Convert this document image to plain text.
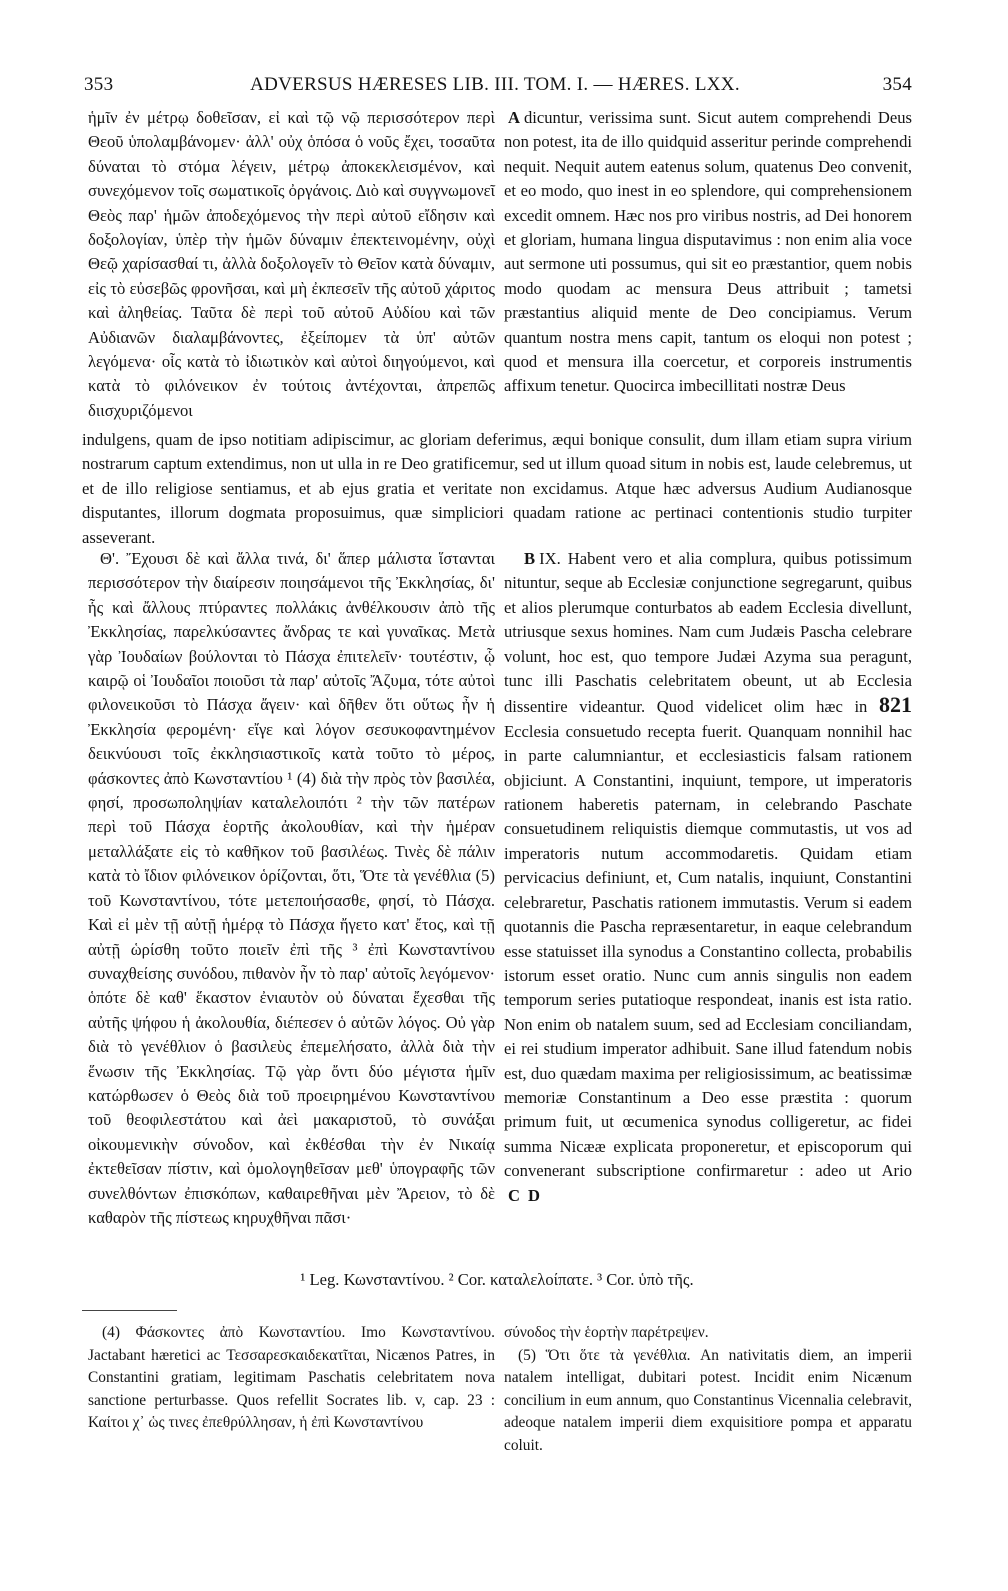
353	ADVERSUS HÆRESES LIB. III. TOM. I. — HÆRES. LXX.	354

ἡμῖν ἐν μέτρῳ δοθεῖσαν, εἰ καὶ τῷ νῷ περισσότερον περὶ Θεοῦ ὑπολαμβάνομεν· ἀλλ' οὐχ ὁπόσα ὁ νοῦς ἔχει, τοσαῦτα δύναται τὸ στόμα λέγειν, μέτρῳ ἀποκεκλεισμένον, καὶ συνεχόμενον τοῖς σωματικοῖς ὀργάνοις. Διὸ καὶ συγγνωμονεῖ Θεὸς παρ' ἡμῶν ἀποδεχόμενος τὴν περὶ αὐτοῦ εἴδησιν καὶ δοξολογίαν, ὑπὲρ τὴν ἡμῶν δύναμιν ἐπεκτεινομένην, οὐχὶ Θεῷ χαρίσασθαί τι, ἀλλὰ δοξολογεῖν τὸ Θεῖον κατὰ δύναμιν, εἰς τὸ εὐσεβῶς φρονῆσαι, καὶ μὴ ἐκπεσεῖν τῆς αὐτοῦ χάριτος καὶ ἀληθείας. Ταῦτα δὲ περὶ τοῦ αὐτοῦ Αὐδίου καὶ τῶν Αὐδιανῶν διαλαμβάνοντες, ἐξείπομεν τὰ ὑπ' αὐτῶν λεγόμενα· οἷς κατὰ τὸ ἰδιωτικὸν καὶ αὐτοὶ διηγούμενοι, καὶ κατὰ τὸ φιλόνεικον ἐν τούτοις ἀντέχονται, ἀπρεπῶς διισχυριζόμενοι

A dicuntur, verissima sunt. Sicut autem comprehendi Deus non potest, ita de illo quidquid asseritur perinde comprehendi nequit. Nequit autem eatenus solum, quatenus Deo convenit, et eo modo, quo inest in eo splendore, qui comprehensionem excedit omnem. Hæc nos pro viribus nostris, ad Dei honorem et gloriam, humana lingua disputavimus : non enim alia voce aut sermone uti possumus, qui sit eo præstantior, quem nobis modo quodam ac mensura Deus attribuit ; tametsi præstantius aliquid mente de Deo concipiamus. Verum quantum nostra mens capit, tantum os eloqui non potest ; quod et mensura illa coercetur, et corporeis instrumentis affixum tenetur. Quocirca imbecillitati nostræ Deus

indulgens, quam de ipso notitiam adipiscimur, ac gloriam deferimus, æqui bonique consulit, dum illam etiam supra virium nostrarum captum extendimus, non ut ulla in re Deo gratificemur, sed ut illum quoad situm in nobis est, laude celebremus, ut et de illo religiose sentiamus, et ab ejus gratia et veritate non excidamus. Atque hæc adversus Audium Audianosque disputantes, illorum dogmata proposuimus, quæ simpliciori quadam ratione ac pertinaci contentionis studio turpiter asseverant.

Θ'. Ἔχουσι δὲ καὶ ἄλλα τινά, δι' ἅπερ μάλιστα ἵστανται περισσότερον τὴν διαίρεσιν ποιησάμενοι τῆς Ἐκκλησίας, δι' ἧς καὶ ἄλλους πτύραντες πολλάκις ἀνθέλκουσιν ἀπὸ τῆς Ἐκκλησίας, παρελκύσαντες ἄνδρας τε καὶ γυναῖκας. Μετὰ γὰρ Ἰουδαίων βούλονται τὸ Πάσχα ἐπιτελεῖν· τουτέστιν, ᾧ καιρῷ οἱ Ἰουδαῖοι ποιοῦσι τὰ παρ' αὐτοῖς Ἄζυμα, τότε αὐτοὶ φιλονεικοῦσι τὸ Πάσχα ἄγειν· καὶ δῆθεν ὅτι οὕτως ἦν ἡ Ἐκκλησία φερομένη· εἴγε καὶ λόγον σεσυκοφαντημένον δεικνύουσι τοῖς ἐκκλησιαστικοῖς κατὰ τοῦτο τὸ μέρος, φάσκοντες ἀπὸ Κωνσταντίου ¹ (4) διὰ τὴν πρὸς τὸν βασιλέα, φησί, προσωποληψίαν καταλελοιπότι ² τὴν τῶν πατέρων περὶ τοῦ Πάσχα ἑορτῆς ἀκολουθίαν, καὶ τὴν ἡμέραν μεταλλάξατε εἰς τὸ καθῆκον τοῦ βασιλέως. Τινὲς δὲ πάλιν κατὰ τὸ ἴδιον φιλόνεικον ὁρίζονται, ὅτι, Ὅτε τὰ γενέθλια (5) τοῦ Κωνσταντίνου, τότε μετεποιήσασθε, φησί, τὸ Πάσχα. Καὶ εἰ μὲν τῇ αὐτῇ ἡμέρᾳ τὸ Πάσχα ἤγετο κατ' ἔτος, καὶ τῇ αὐτῇ ὡρίσθη τοῦτο ποιεῖν ἐπὶ τῆς ³ ἐπὶ Κωνσταντίνου συναχθείσης συνόδου, πιθανὸν ἦν τὸ παρ' αὐτοῖς λεγόμενον· ὁπότε δὲ καθ' ἕκαστον ἐνιαυτὸν οὐ δύναται ἔχεσθαι τῆς αὐτῆς ψήφου ἡ ἀκολουθία, διέπεσεν ὁ αὐτῶν λόγος. Οὐ γὰρ διὰ τὸ γενέθλιον ὁ βασιλεὺς ἐπεμελήσατο, ἀλλὰ διὰ τὴν ἕνωσιν τῆς Ἐκκλησίας. Τῷ γὰρ ὄντι δύο μέγιστα ἡμῖν κατώρθωσεν ὁ Θεὸς διὰ τοῦ προειρημένου Κωνσταντίνου τοῦ θεοφιλεστάτου καὶ ἀεὶ μακαριστοῦ, τὸ συνάξαι οἰκουμενικὴν σύνοδον, καὶ ἐκθέσθαι τὴν ἐν Νικαίᾳ ἐκτεθεῖσαν πίστιν, καὶ ὁμολογηθεῖσαν μεθ' ὑπογραφῆς τῶν συνελθόντων ἐπισκόπων, καθαιρεθῆναι μὲν Ἄρειον, τὸ δὲ καθαρὸν τῆς πίστεως κηρυχθῆναι πᾶσι·

B IX. Habent vero et alia complura, quibus potissimum nituntur, seque ab Ecclesiæ conjunctione segregarunt, quibus et alios plerumque conturbatos ab eadem Ecclesia divellunt, utriusque sexus homines. Nam cum Judæis Pascha celebrare volunt, hoc est, quo tempore Judæi Azyma sua peragunt, tunc illi Paschatis celebritatem obeunt, ut ab Ecclesia dissentire videantur. Quod videlicet olim hæc in 821 Ecclesia consuetudo recepta fuerit. Quanquam nonnihil hac in parte calumniantur, et ecclesiasticis falsam rationem objiciunt. A Constantini, inquiunt, tempore, ut imperatoris rationem haberetis paternam, in celebrando Paschate consuetudinem reliquistis diemque commutastis, ut vos ad imperatoris nutum accommodaretis. Quidam etiam pervicacius definiunt, et, Cum natalis, inquiunt, Constantini celebraretur, Paschatis rationem immutastis. Verum si eadem quotannis die Pascha repræsentaretur, in eaque celebrandum esse statuisset illa synodus a Constantino collecta, probabilis istorum esset oratio. Nunc cum annis singulis non eadem temporum series putatioque respondeat, inanis est ista ratio. Non enim ob natalem suum, sed ad Ecclesiam conciliandam, ei rei studium imperator adhibuit. Sane illud fatendum nobis est, duo quædam maxima per religiosissimum, ac beatissimæ memoriæ Constantinum a Deo esse præstita : quorum primum fuit, ut œcumenica synodus colligeretur, ac fidei summa Nicææ explicata proponeretur, et episcoporum qui convenerant subscriptione confirmaretur : adeo ut Ario C D

¹ Leg. Κωνσταντίνου. ² Cor. καταλελοίπατε. ³ Cor. ὑπὸ τῆς.

(4) Φάσκοντες ἀπὸ Κωνσταντίου. Imo Κωνσταντίνου. Jactabant hæretici ac Τεσσαρεσκαιδεκατῖται, Nicænos Patres, in Constantini gratiam, legitimam Paschatis celebritatem nova sanctione perturbasse. Quos refellit Socrates lib. v, cap. 23 : Καίτοι χ᾽ ὡς τινες ἐπεθρύλλησαν, ἡ ἐπὶ Κωνσταντίνου

σύνοδος τὴν ἑορτὴν παρέτρεψεν.

(5) Ὅτι ὅτε τὰ γενέθλια. An nativitatis diem, an imperii natalem intelligat, dubitari potest. Incidit enim Nicænum concilium in eum annum, quo Constantinus Vicennalia celebravit, adeoque natalem imperii diem exquisitiore pompa et apparatu coluit.
